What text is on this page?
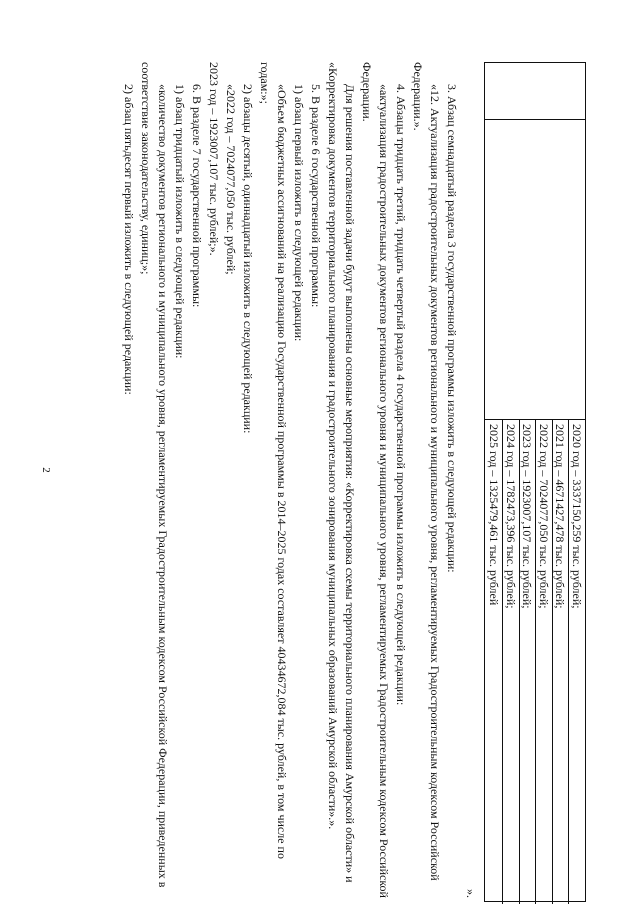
2	2020 год – 3337150,259 тыс. рублей;
2021 год – 4671427,478 тыс. рублей;
2022 год – 7024077,050 тыс. рублей;
2023 год – 1923007,107 тыс. рублей;
2024 год – 1782473,396 тыс. рублей;
2025 год – 1325479,461 тыс. рублей
».

3. Абзац семнадцатый раздела 3 государственной программы изложить в следующей редакции:

«12. Актуализация градостроительных документов регионального и муниципального уровня, регламентируемых Градостроительным кодексом Российской Федерации.».

4. Абзацы тридцать третий, тридцать четвертый раздела 4 государственной программы изложить в следующей редакции:

«актуализация градостроительных документов регионального уровня и муниципального уровня, регламентируемых Градостроительным кодексом Российской Федерации.

Для решения поставленной задачи будут выполнены основные мероприятия: «Корректировка схемы территориального планирования Амурской области» и «Корректировка документов территориального планирования и градостроительного зонирования муниципальных образований Амурской области».».

5. В разделе 6 государственной программы:

1) абзац первый изложить в следующей редакции:

«Объем бюджетных ассигнований на реализацию Государственной программы в 2014–2025 годах составляет 40434672,084 тыс. рублей, в том числе по годам:»;

2) абзацы десятый, одиннадцатый изложить в следующей редакции:

«2022 год – 7024077,050 тыс. рублей;

2023 год – 1923007,107 тыс. рублей;».

6. В разделе 7 государственной программы:

1) абзац тридцатый изложить в следующей редакции:

«количество документов регионального и муниципального уровня, регламентируемых Градостроительным кодексом Российской Федерации, приведенных в соответствие законодательству, единиц;»;

2) абзац пятьдесят первый изложить в следующей редакции:
